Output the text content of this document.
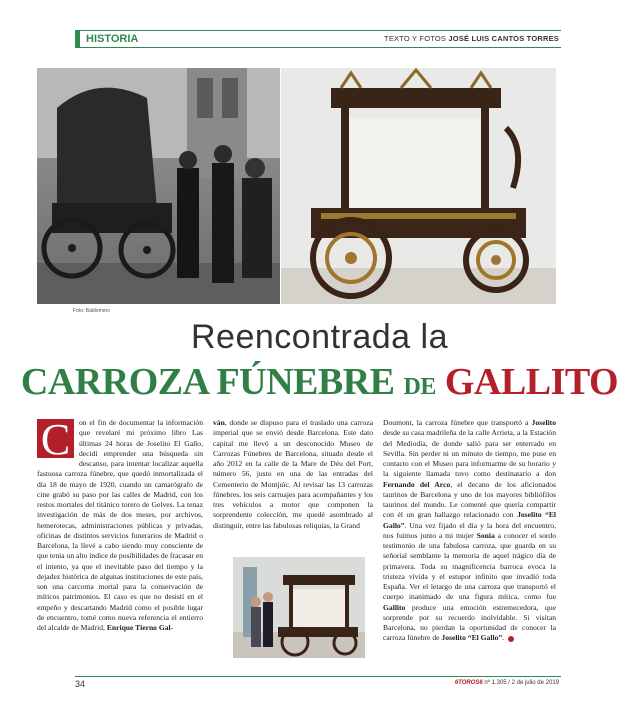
HISTORIA	TEXTO Y FOTOS JOSÉ LUIS CANTOS TORRES
Foto: Baldomero
Reencontrada la
CARROZA FÚNEBRE DE GALLITO
C	on el fin de documentar la información que revelaré mi próximo libro Las últimas 24 horas de Joselito El Gallo, decidí emprender una búsqueda sin descanso, para intentar localizar aquella fastuosa carroza fúnebre, que quedó inmortalizada el día 18 de mayo de 1920, cuando un camarógrafo de cine grabó su paso por las calles de Madrid, con los restos mortales del titánico torero de Gelves. La tenaz investigación de más de dos meses, por archivos, hemerotecas, administraciones públicas y privadas, oficinas de distintos servicios funerarios de Madrid o Barcelona, la llevé a cabo siendo muy consciente de que tenía un alto índice de posibilidades de fracasar en el intento, ya que el inevitable paso del tiempo y la dejadez histórica de algunas instituciones de este país, son una carcoma mortal para la conservación de míticos patrimonios. El caso es que no desistí en el empeño y descartando Madrid como el posible lugar de encuentro, tomé como nueva referencia el entierro del alcalde de Madrid, Enrique Tierno Gal-

ván, donde se dispuso para el traslado una carroza imperial que se envió desde Barcelona. Este dato capital me llevó a un desconocido Museo de Carrozas Fúnebres de Barcelona, situado desde el año 2012 en la calle de la Mare de Déu del Port, número 56, justo en una de las entradas del Cementerio de Montjuïc. Al revisar las 13 carrozas fúnebres, los seis carruajes para acompañantes y los tres vehículos a motor que componen la sorprendente colección, me quedé asombrado al distinguir, entre las fabulosas reliquias, la Grand

Doumont, la carroza fúnebre que transportó a Joselito desde su casa madrileña de la calle Arrieta, a la Estación del Mediodía, de donde salió para ser enterrado en Sevilla. Sin perder ni un minuto de tiempo, me puse en contacto con el Museo para informarme de su horario y la siguiente llamada tuvo como destinatario a don Fernando del Arco, el decano de los aficionados taurinos de Barcelona y uno de los mayores bibliófilos taurinos del mundo. Le comenté que quería compartir con él un gran hallazgo relacionado con Joselito “El Gallo”. Una vez fijado el día y la hora del encuentro, nos fuimos junto a mi mujer Sonia a conocer el sordo testimonio de una fabulosa carroza, que guarda en su señorial semblante la memoria de aquel trágico día de primavera. Toda su magnificencia barroca evoca la tristeza vívida y el estupor infinito que invadió toda España. Ver el letargo de una carroza que transportó el cuerpo inanimado de una figura mítica, como fue Gallito produce una emoción estremecedora, que sorprende por su recuerdo inolvidable. Si visitan Barcelona, no pierdan la oportunidad de conocer la carroza fúnebre de Joselito “El Gallo”.

34	6TOROS6 nº 1.305 / 2 de julio de 2019
